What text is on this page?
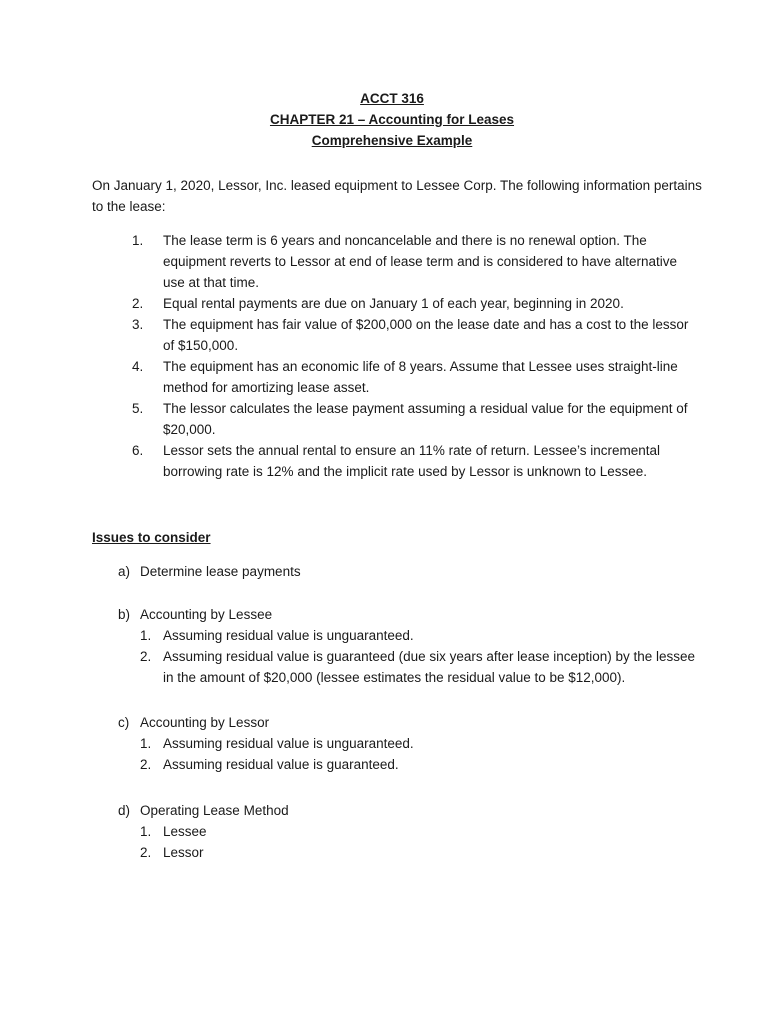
ACCT 316
CHAPTER 21 – Accounting for Leases
Comprehensive Example
On January 1, 2020, Lessor, Inc. leased equipment to Lessee Corp. The following information pertains to the lease:
1. The lease term is 6 years and noncancelable and there is no renewal option. The equipment reverts to Lessor at end of lease term and is considered to have alternative use at that time.
2. Equal rental payments are due on January 1 of each year, beginning in 2020.
3. The equipment has fair value of $200,000 on the lease date and has a cost to the lessor of $150,000.
4. The equipment has an economic life of 8 years. Assume that Lessee uses straight-line method for amortizing lease asset.
5. The lessor calculates the lease payment assuming a residual value for the equipment of $20,000.
6. Lessor sets the annual rental to ensure an 11% rate of return. Lessee’s incremental borrowing rate is 12% and the implicit rate used by Lessor is unknown to Lessee.
Issues to consider
a) Determine lease payments
b) Accounting by Lessee
1. Assuming residual value is unguaranteed.
2. Assuming residual value is guaranteed (due six years after lease inception) by the lessee in the amount of $20,000 (lessee estimates the residual value to be $12,000).
c) Accounting by Lessor
1. Assuming residual value is unguaranteed.
2. Assuming residual value is guaranteed.
d) Operating Lease Method
1. Lessee
2. Lessor
